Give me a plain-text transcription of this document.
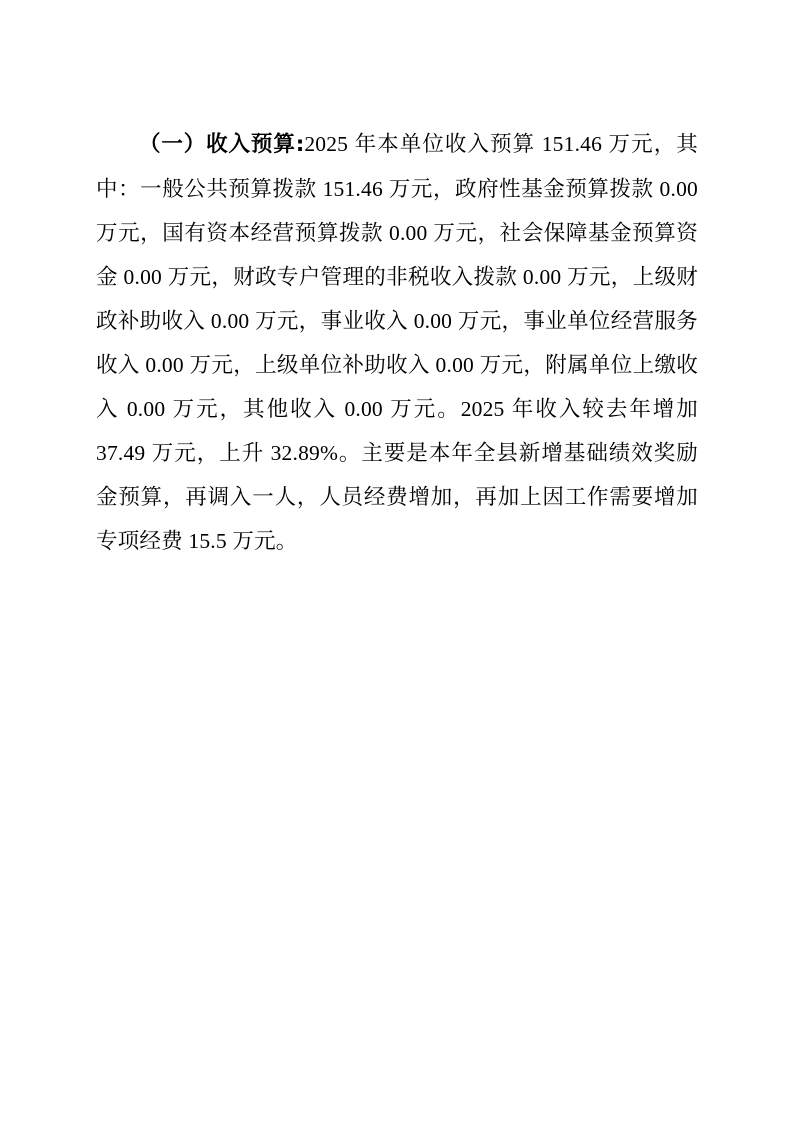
（一）收入预算:2025 年本单位收入预算 151.46 万元，其中：一般公共预算拨款 151.46 万元，政府性基金预算拨款 0.00 万元，国有资本经营预算拨款 0.00 万元，社会保障基金预算资金 0.00 万元，财政专户管理的非税收入拨款 0.00 万元，上级财政补助收入 0.00 万元，事业收入 0.00 万元，事业单位经营服务收入 0.00 万元，上级单位补助收入 0.00 万元，附属单位上缴收入 0.00 万元，其他收入 0.00 万元。2025 年收入较去年增加 37.49 万元，上升 32.89%。主要是本年全县新增基础绩效奖励金预算，再调入一人，人员经费增加，再加上因工作需要增加专项经费 15.5 万元。
